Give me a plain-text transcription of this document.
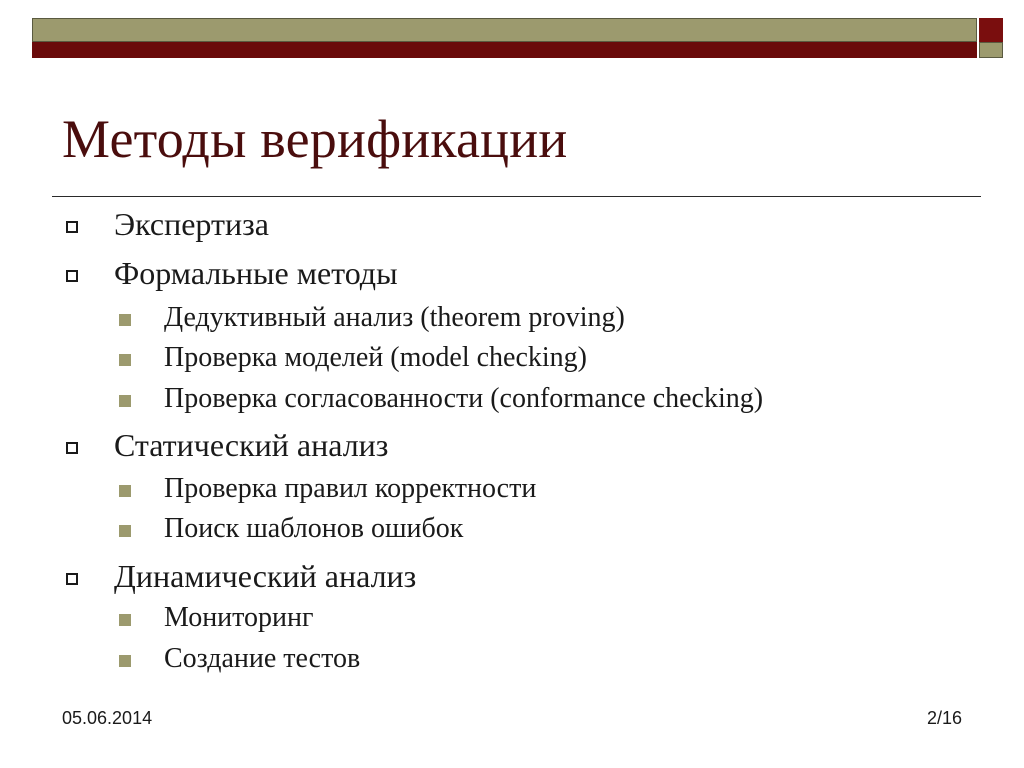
Методы верификации
Экспертиза
Формальные методы
Дедуктивный анализ (theorem proving)
Проверка моделей (model checking)
Проверка согласованности (conformance checking)
Статический анализ
Проверка правил корректности
Поиск шаблонов ошибок
Динамический анализ
Мониторинг
Создание тестов
05.06.2014	2/16
